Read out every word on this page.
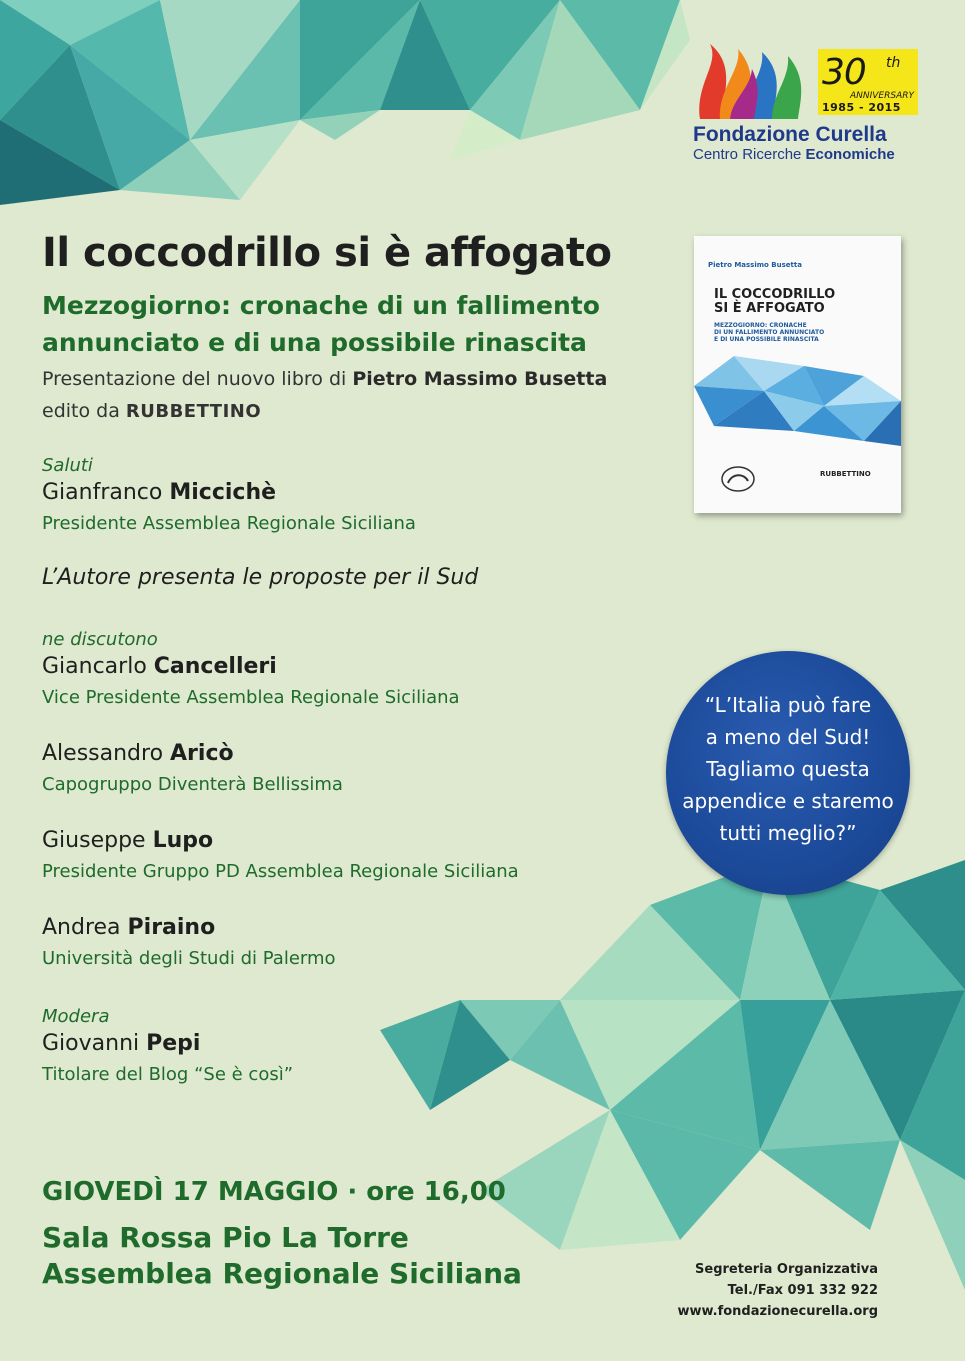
30 th
ANNIVERSARY
1985 - 2015
Fondazione Curella
Centro Ricerche Economiche
Il coccodrillo si è affogato
Mezzogiorno: cronache di un fallimento
annunciato e di una possibile rinascita
Presentazione del nuovo libro di Pietro Massimo Busetta
edito da RUBBETTINO
Saluti
Gianfranco Miccichè
Presidente Assemblea Regionale Siciliana
L’Autore presenta le proposte per il Sud
ne discutono
Giancarlo Cancelleri
Vice Presidente Assemblea Regionale Siciliana
Alessandro Aricò
Capogruppo Diventerà Bellissima
Giuseppe Lupo
Presidente Gruppo PD Assemblea Regionale Siciliana
Andrea Piraino
Università degli Studi di Palermo
Modera
Giovanni Pepi
Titolare del Blog “Se è così”
Pietro Massimo Busetta
IL COCCODRILLO
SI È AFFOGATO
MEZZOGIORNO: CRONACHE
DI UN FALLIMENTO ANNUNCIATO
E DI UNA POSSIBILE RINASCITA
RUBBETTINO
“L’Italia può fare
a meno del Sud!
Tagliamo questa
appendice e staremo
tutti meglio?”
GIOVEDÌ 17 MAGGIO · ore 16,00
Sala Rossa Pio La Torre
Assemblea Regionale Siciliana	Segreteria Organizzativa
Tel./Fax 091 332 922
www.fondazionecurella.org
